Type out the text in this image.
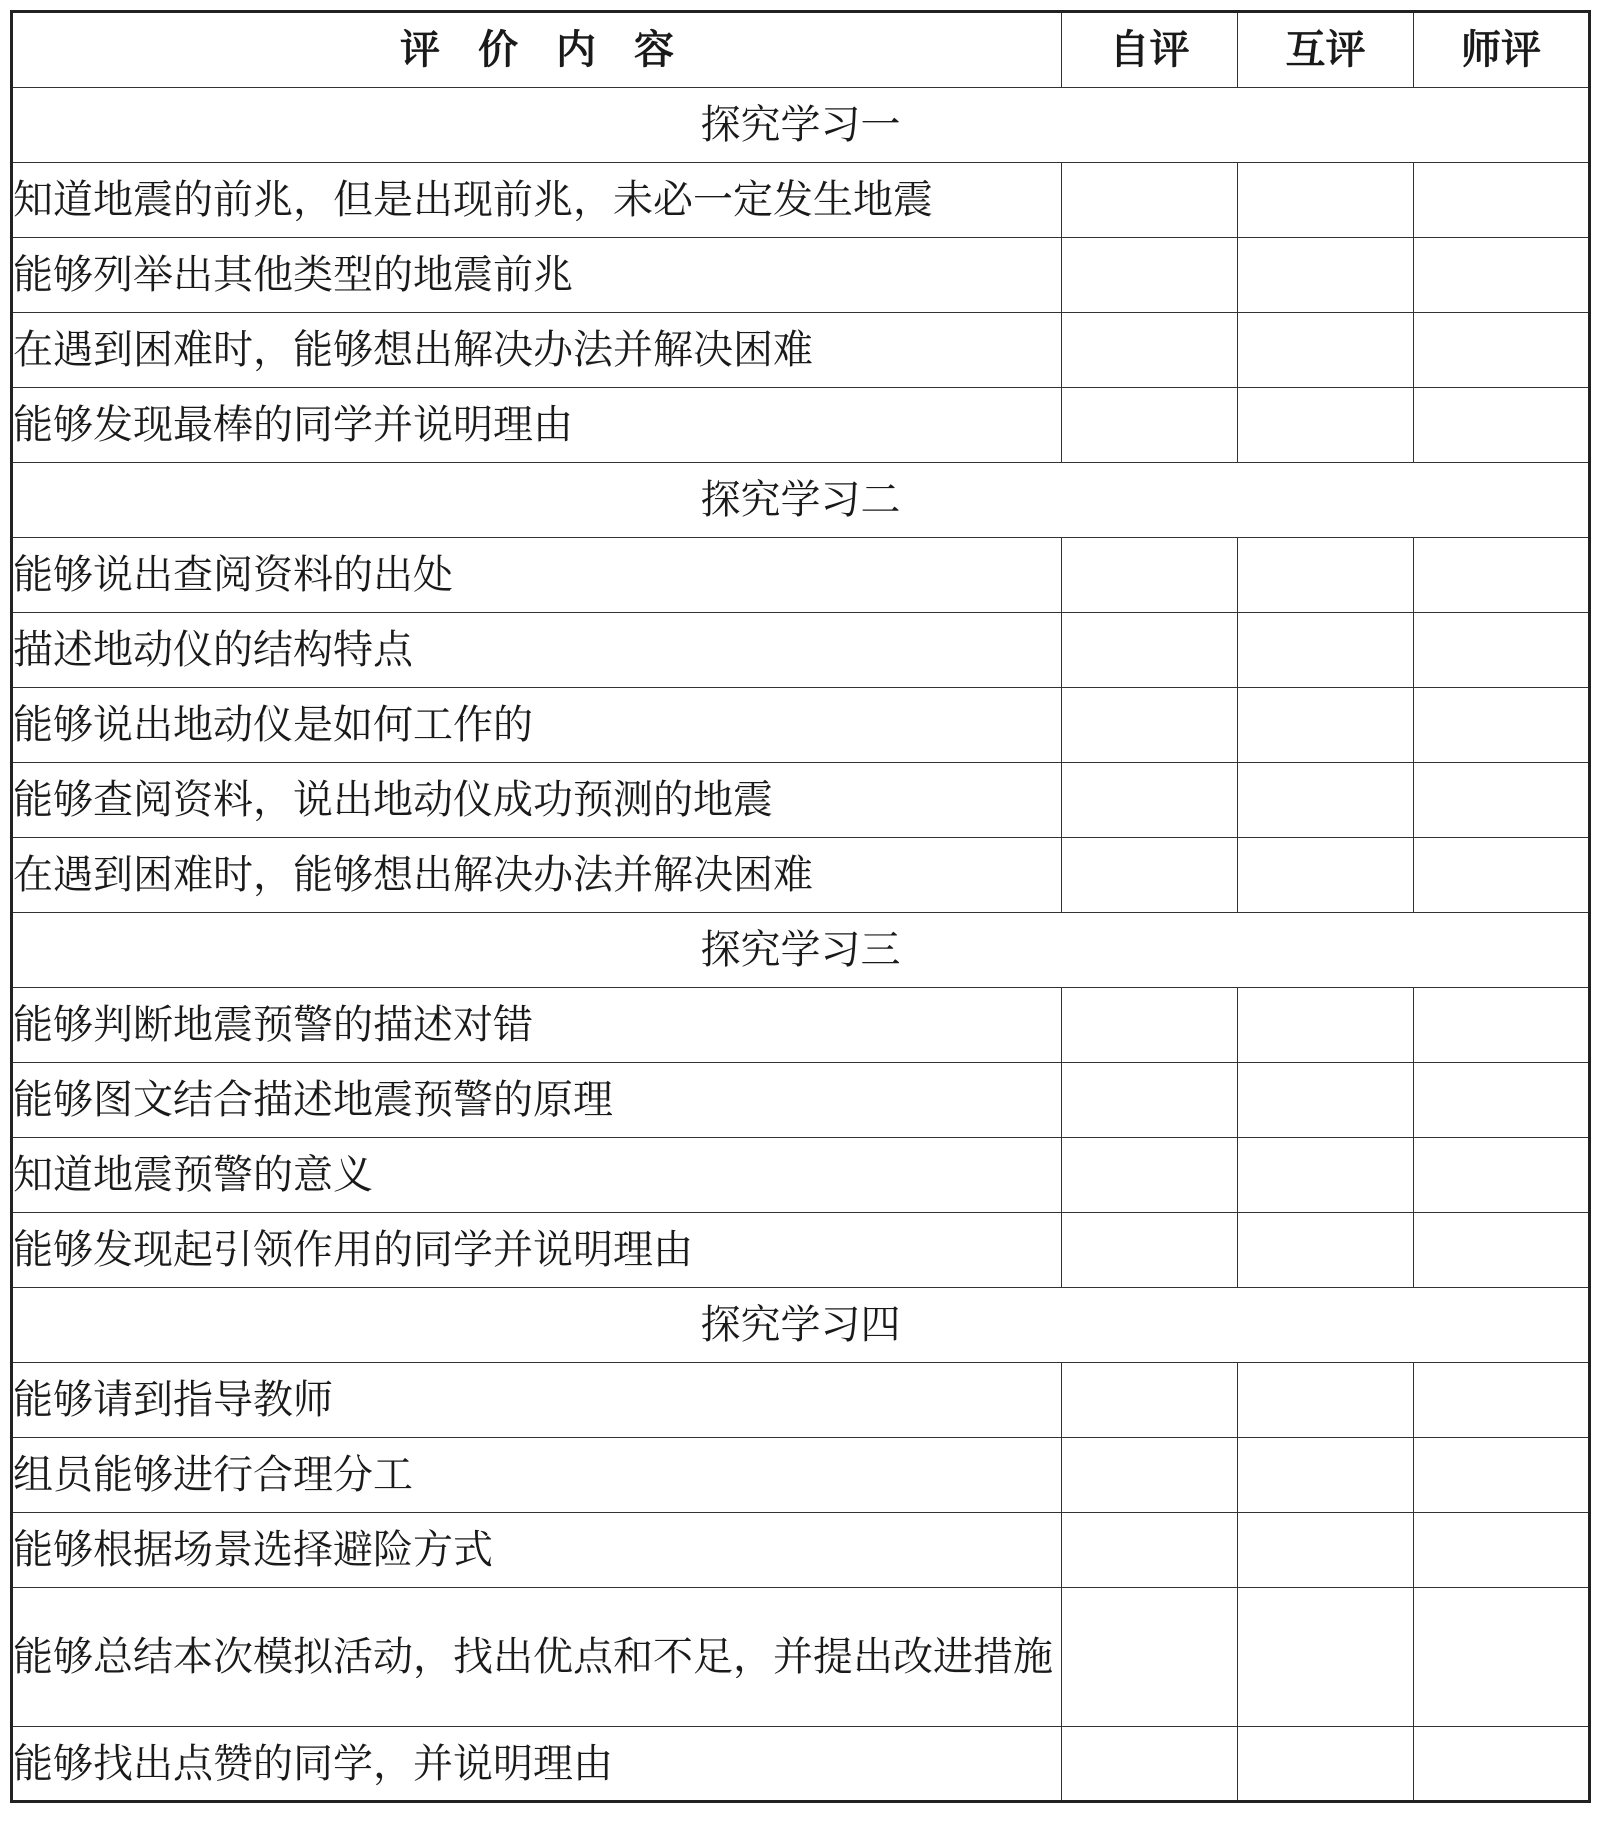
评价内容	自评	互评	师评
探究学习一			
知道地震的前兆，但是出现前兆，未必一定发生地震			
能够列举出其他类型的地震前兆			
在遇到困难时，能够想出解决办法并解决困难			
能够发现最棒的同学并说明理由			
探究学习二			
能够说出查阅资料的出处			
描述地动仪的结构特点			
能够说出地动仪是如何工作的			
能够查阅资料，说出地动仪成功预测的地震			
在遇到困难时，能够想出解决办法并解决困难			
探究学习三			
能够判断地震预警的描述对错			
能够图文结合描述地震预警的原理			
知道地震预警的意义			
能够发现起引领作用的同学并说明理由			
探究学习四			
能够请到指导教师			
组员能够进行合理分工			
能够根据场景选择避险方式			
能够总结本次模拟活动，找出优点和不足，并提出改进措施			
能够找出点赞的同学，并说明理由			
